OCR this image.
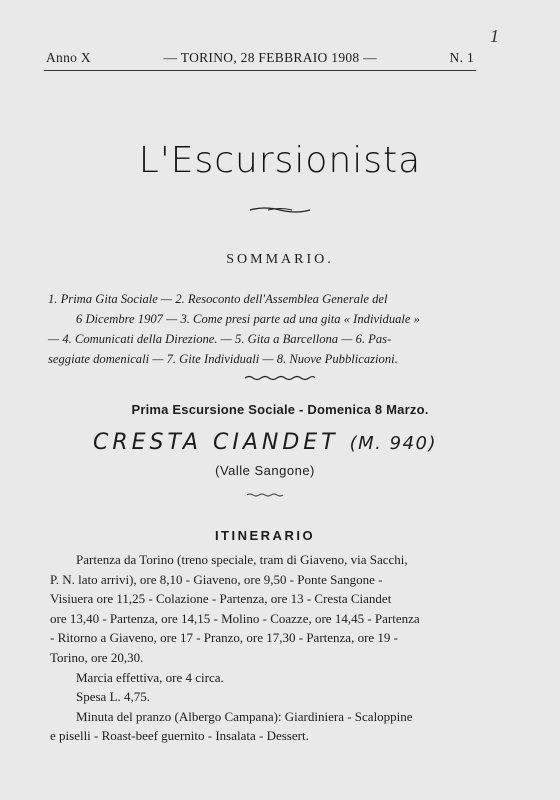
1
Anno X	— TORINO, 28 FEBBRAIO 1908 —	N. 1
L'Escursionista
SOMMARIO.
1. Prima Gita Sociale — 2. Resoconto dell'Assemblea Generale del
6 Dicembre 1907 — 3. Come presi parte ad una gita « Individuale »
— 4. Comunicati della Direzione. — 5. Gita a Barcellona — 6. Pas-
seggiate domenicali — 7. Gite Individuali — 8. Nuove Pubblicazioni.
Prima Escursione Sociale - Domenica 8 Marzo.
CRESTA CIANDET (M. 940)
(Valle Sangone)
ITINERARIO
Partenza da Torino (treno speciale, tram di Giaveno, via Sacchi,
P. N. lato arrivi), ore 8,10 - Giaveno, ore 9,50 - Ponte Sangone -
Visiuera ore 11,25 - Colazione - Partenza, ore 13 - Cresta Ciandet
ore 13,40 - Partenza, ore 14,15 - Molino - Coazze, ore 14,45 - Partenza
- Ritorno a Giaveno, ore 17 - Pranzo, ore 17,30 - Partenza, ore 19 -
Torino, ore 20,30.
Marcia effettiva, ore 4 circa.
Spesa L. 4,75.
Minuta del pranzo (Albergo Campana): Giardiniera - Scaloppine
e piselli - Roast-beef guernito - Insalata - Dessert.
